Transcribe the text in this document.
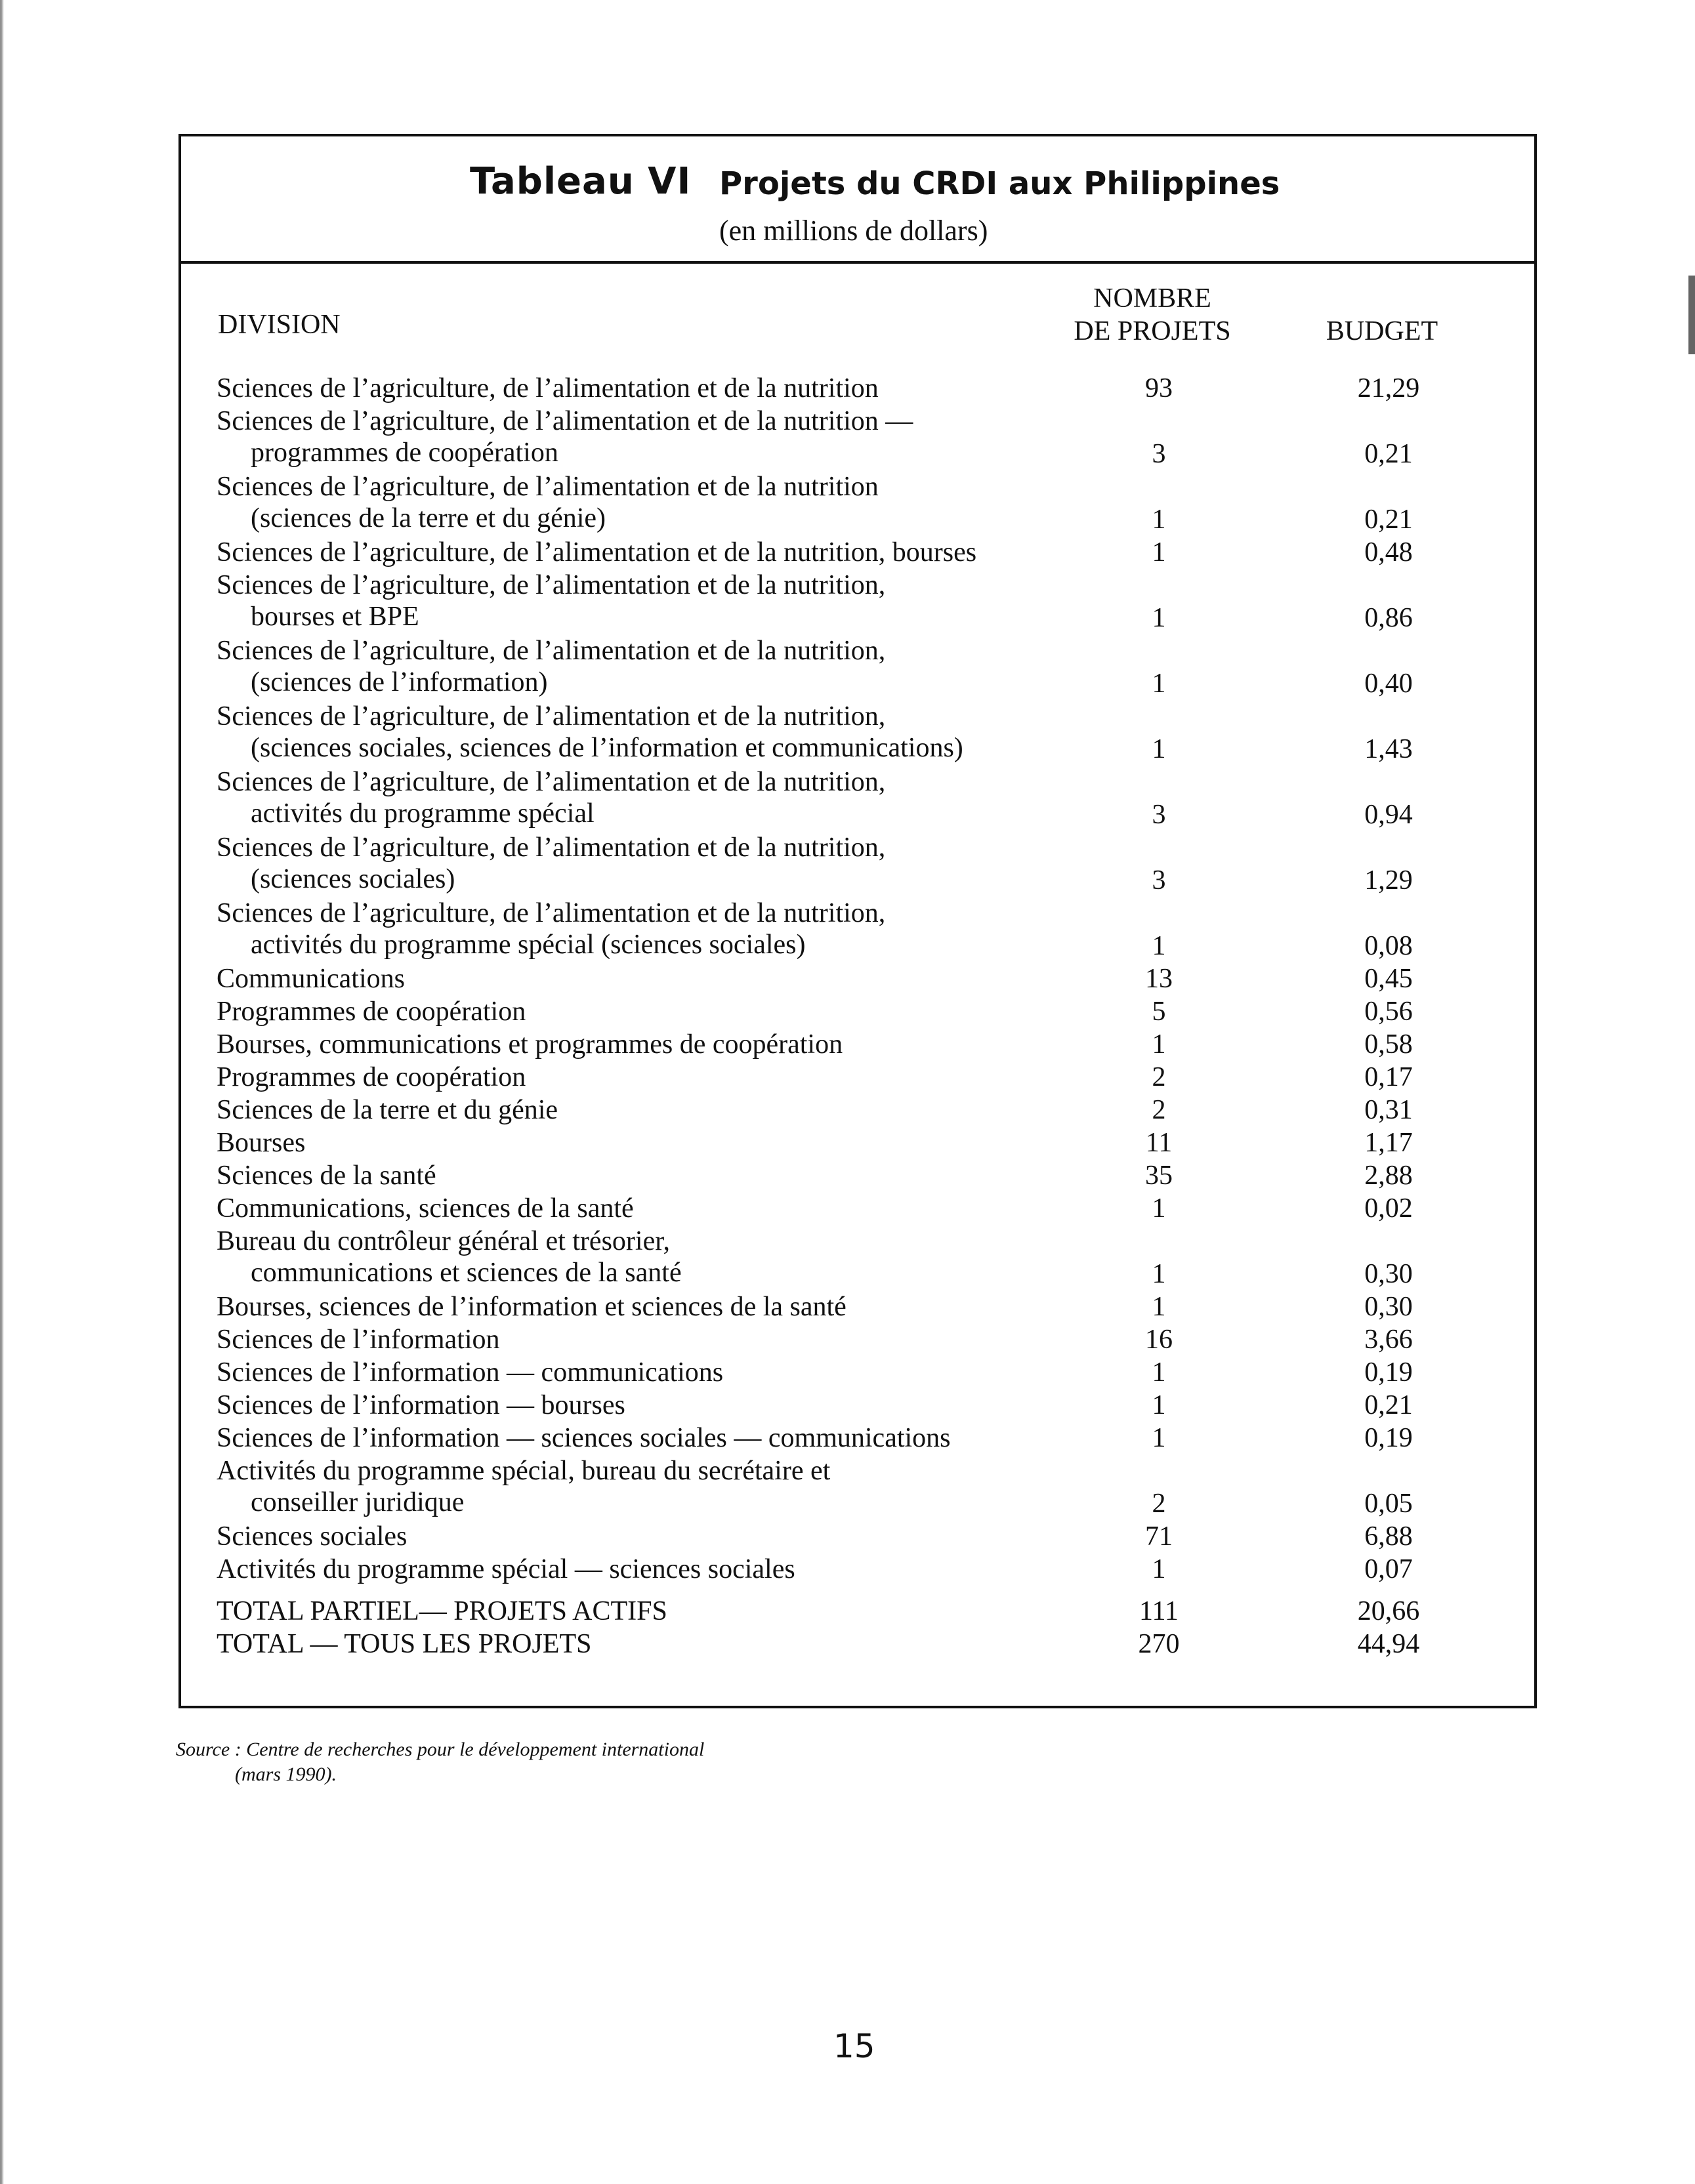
Tableau VI Projets du CRDI aux Philippines
(en millions de dollars)
DIVISION
NOMBRE
DE PROJETS	BUDGET
Sciences de l’agriculture, de l’alimentation et de la nutrition	93	21,29
Sciences de l’agriculture, de l’alimentation et de la nutrition —
programmes de coopération	3	0,21
Sciences de l’agriculture, de l’alimentation et de la nutrition
(sciences de la terre et du génie)	1	0,21
Sciences de l’agriculture, de l’alimentation et de la nutrition, bourses	1	0,48
Sciences de l’agriculture, de l’alimentation et de la nutrition,
bourses et BPE	1	0,86
Sciences de l’agriculture, de l’alimentation et de la nutrition,
(sciences de l’information)	1	0,40
Sciences de l’agriculture, de l’alimentation et de la nutrition,
(sciences sociales, sciences de l’information et communications)	1	1,43
Sciences de l’agriculture, de l’alimentation et de la nutrition,
activités du programme spécial	3	0,94
Sciences de l’agriculture, de l’alimentation et de la nutrition,
(sciences sociales)	3	1,29
Sciences de l’agriculture, de l’alimentation et de la nutrition,
activités du programme spécial (sciences sociales)	1	0,08
Communications	13	0,45
Programmes de coopération	5	0,56
Bourses, communications et programmes de coopération	1	0,58
Programmes de coopération	2	0,17
Sciences de la terre et du génie	2	0,31
Bourses	11	1,17
Sciences de la santé	35	2,88
Communications, sciences de la santé	1	0,02
Bureau du contrôleur général et trésorier,
communications et sciences de la santé	1	0,30
Bourses, sciences de l’information et sciences de la santé	1	0,30
Sciences de l’information	16	3,66
Sciences de l’information — communications	1	0,19
Sciences de l’information — bourses	1	0,21
Sciences de l’information — sciences sociales — communications	1	0,19
Activités du programme spécial, bureau du secrétaire et
conseiller juridique	2	0,05
Sciences sociales	71	6,88
Activités du programme spécial — sciences sociales	1	0,07
TOTAL PARTIEL— PROJETS ACTIFS	111	20,66
TOTAL — TOUS LES PROJETS	270	44,94
Source : Centre de recherches pour le développement international
(mars 1990).
15
